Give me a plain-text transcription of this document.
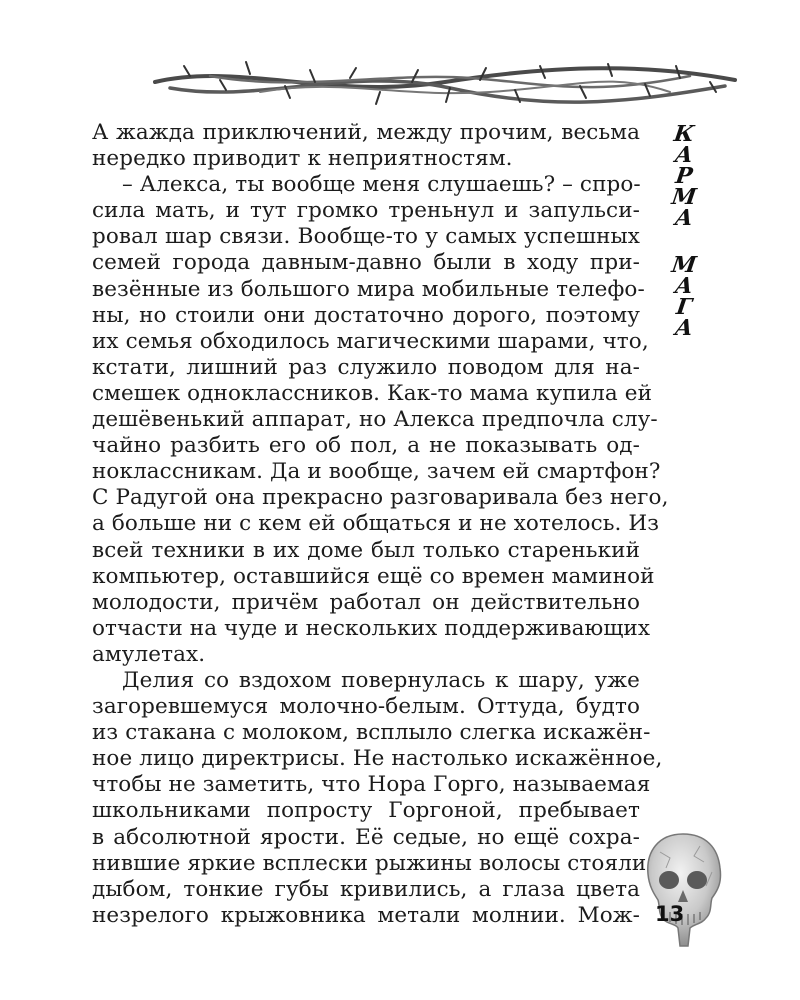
А жажда приключений, между прочим, весьма

нередко приводит к неприятностям.

– Алекса, ты вообще меня слушаешь? – спро-

сила мать, и тут громко треньнул и запульси-

ровал шар связи. Вообще-то у самых успешных

семей города давным-давно были в ходу при-

везённые из большого мира мобильные телефо-

ны, но стоили они достаточно дорого, поэтому

их семья обходилось магическими шарами, что,

кстати, лишний раз служило поводом для на-

смешек одноклассников. Как-то мама купила ей

дешёвенький аппарат, но Алекса предпочла слу-

чайно разбить его об пол, а не показывать од-

ноклассникам. Да и вообще, зачем ей смартфон?

С Радугой она прекрасно разговаривала без него,

а больше ни с кем ей общаться и не хотелось. Из

всей техники в их доме был только старенький

компьютер, оставшийся ещё со времен маминой

молодости, причём работал он действительно

отчасти на чуде и нескольких поддерживающих

амулетах.

Делия со вздохом повернулась к шару, уже

загоревшемуся молочно-белым. Оттуда, будто

из стакана с молоком, всплыло слегка искажён-

ное лицо директрисы. Не настолько искажённое,

чтобы не заметить, что Нора Горго, называемая

школьниками попросту Горгоной, пребывает

в абсолютной ярости. Её седые, но ещё сохра-

нившие яркие всплески рыжины волосы стояли

дыбом, тонкие губы кривились, а глаза цвета

незрелого крыжовника метали молнии. Мож-

К
А
Р
М
А
М
А
Г
А
13
